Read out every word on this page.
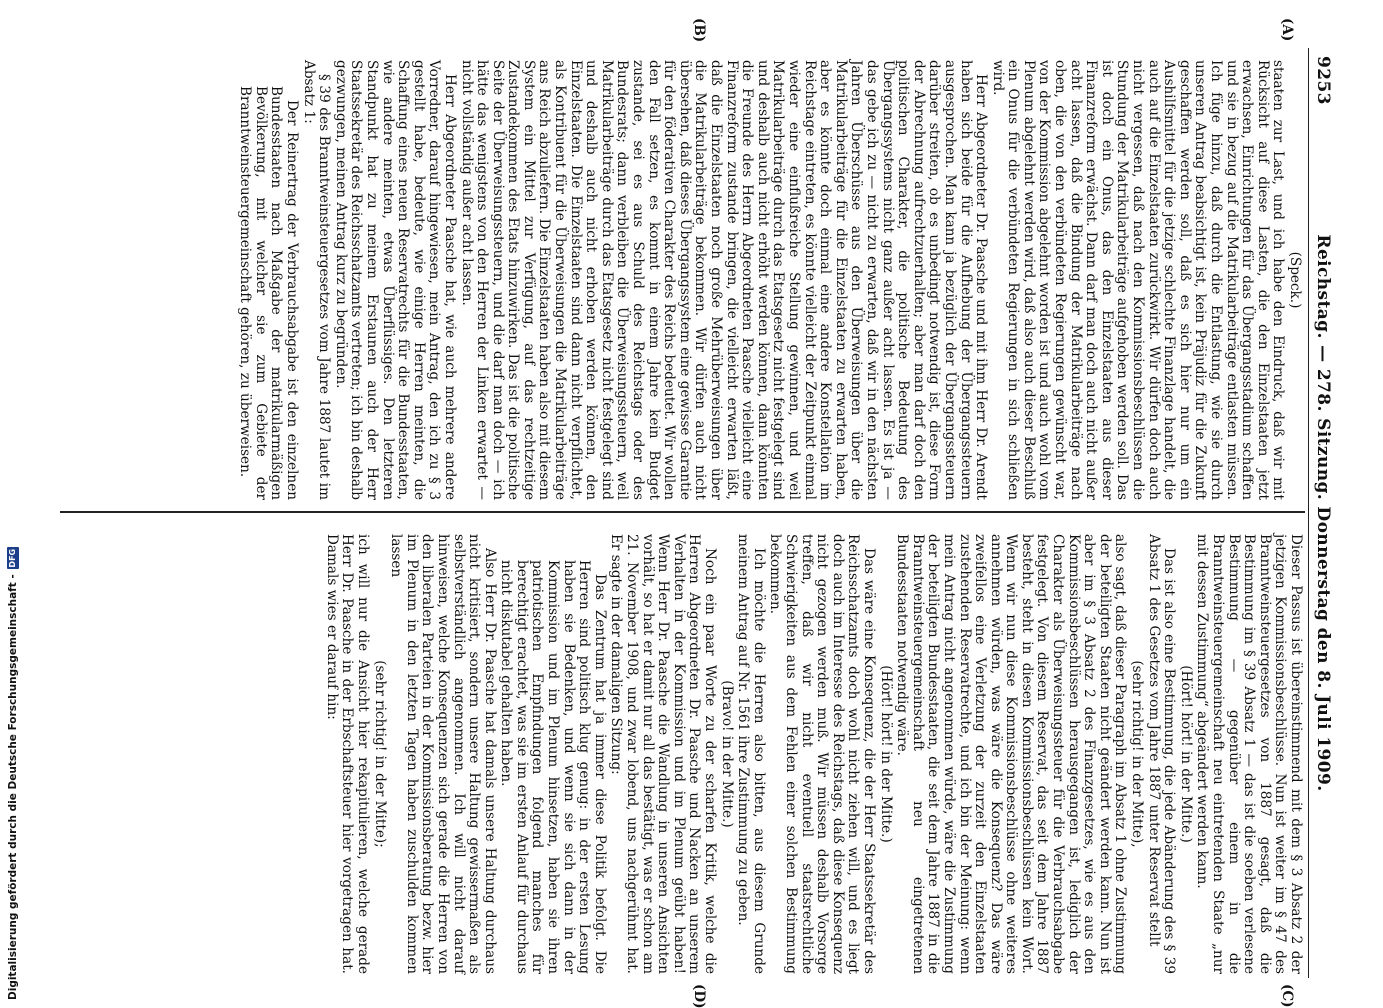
9253
Reichstag. — 278. Sitzung. Donnerstag den 8. Juli 1909.
(A)
(B)
(C)
(D)

(Speck.)

staaten zur Last, und ich habe den Eindruck, daß wir mit Rücksicht auf diese Lasten, die den Einzelstaaten jetzt erwachsen, Einrichtungen für das Übergangsstadium schaffen und sie in bezug auf die Matrikularbeiträge entlasten müssen. Ich füge hinzu, daß durch die Entlastung, wie sie durch unseren Antrag beabsichtigt ist, kein Präjudiz für die Zukunft geschaffen werden soll, daß es sich hier nur um ein Aushilfsmittel für die jetzige schlechte Finanzlage handelt, die auch auf die Einzelstaaten zurückwirkt. Wir dürfen doch auch nicht vergessen, daß nach den Kommissionsbeschlüssen die Stundung der Matrikularbeiträge aufgehoben werden soll. Das ist doch ein Onus, das den Einzelstaaten aus dieser Finanzreform erwächst. Dann darf man doch auch nicht außer acht lassen, daß die Bindung der Matrikularbeiträge nach oben, die von den verbündeten Regierungen gewünscht war, von der Kommission abgelehnt worden ist und auch wohl vom Plenum abgelehnt werden wird, daß also auch dieser Beschluß ein Onus für die verbündeten Regierungen in sich schließen wird.

Herr Abgeordneter Dr. Paasche und mit ihm Herr Dr. Arendt haben sich beide für die Aufhebung der Übergangssteuern ausgesprochen. Man kann ja bezüglich der Übergangssteuern darüber streiten, ob es unbedingt notwendig ist, diese Form der Abrechnung aufrechtzuerhalten; aber man darf doch den politischen Charakter, die politische Bedeutung des Übergangssystems nicht ganz außer acht lassen. Es ist ja — das gebe ich zu — nicht zu erwarten, daß wir in den nächsten Jahren Überschüsse aus den Überweisungen über die Matrikularbeiträge für die Einzelstaaten zu erwarten haben, aber es könnte doch einmal eine andere Konstellation im Reichstage eintreten, es könnte vielleicht der Zeitpunkt einmal wieder eine einflußreiche Stellung gewinnen, und weil Matrikularbeiträge durch das Etatsgesetz nicht festgelegt sind und deshalb auch nicht erhöht werden können, dann könnten die Freunde des Herrn Abgeordneten Paasche vielleicht eine Finanzreform zustande bringen, die vielleicht erwarten läßt, daß die Einzelstaaten noch große Mehrüberweisungen über die Matrikularbeiträge bekommen. Wir dürfen auch nicht übersehen, daß dieses Übergangssystem eine gewisse Garantie für den föderativen Charakter des Reichs bedeutet. Wir wollen den Fall setzen, es kommt in einem Jahre kein Budget zustande, sei es aus Schuld des Reichstags oder des Bundesrats; dann verbleiben die Überweisungssteuern, weil Matrikularbeiträge durch das Etatsgesetz nicht festgelegt sind und deshalb auch nicht erhoben werden können, den Einzelstaaten. Die Einzelstaaten sind dann nicht verpflichtet, als Kontribuent für die Überweisungen die Matrikularbeiträge ans Reich abzuliefern. Die Einzelstaaten haben also mit diesem System ein Mittel zur Verfügung, auf das rechtzeitige Zustandekommen des Etats hinzuwirken. Das ist die politische Seite der Überweisungssteuern, und die darf man doch — ich hätte das wenigstens von den Herren der Linken erwartet — nicht vollständig außer acht lassen.

Herr Abgeordneter Paasche hat, wie auch mehrere andere Vorredner, darauf hingewiesen, mein Antrag, den ich zu § 3 gestellt habe, bedeute, wie einige Herren meinten, die Schaffung eines neuen Reservatrechts für die Bundesstaaten, wie andere meinten, etwas Überflüssiges. Den letzteren Standpunkt hat zu meinem Erstaunen auch der Herr Staatssekretär des Reichsschatzamts vertreten; ich bin deshalb gezwungen, meinen Antrag kurz zu begründen.

§ 39 des Branntweinsteuergesetzes vom Jahre 1887 lautet im Absatz 1:

Der Reinertrag der Verbrauchsabgabe ist den einzelnen Bundesstaaten nach Maßgabe der matrikularmäßigen Bevölkerung, mit welcher sie zum Gebiete der Branntweinsteuergemeinschaft gehören, zu überweisen.

Dieser Passus ist übereinstimmend mit dem § 3 Absatz 2 der jetzigen Kommissionsbeschlüsse. Nun ist weiter im § 47 des Branntweinsteuergesetzes von 1887 gesagt, daß die Bestimmung im § 39 Absatz 1 — das ist die soeben verlesene Bestimmung — gegenüber einem in die Branntweinsteuergemeinschaft neu eintretenden Staate „nur mit dessen Zustimmung“ abgeändert werden kann.

(Hört! hört! in der Mitte.)

Das ist also eine Bestimmung, die jede Abänderung des § 39 Absatz 1 des Gesetzes vom Jahre 1887 unter Reservat stellt

(sehr richtig! in der Mitte),

also sagt, daß dieser Paragraph im Absatz 1 ohne Zustimmung der beteiligten Staaten nicht geändert werden kann. Nun ist aber im § 3 Absatz 2 des Finanzgesetzes, wie es aus den Kommissionsbeschlüssen herausgegangen ist, lediglich der Charakter als Überweisungssteuer für die Verbrauchsabgabe festgelegt. Von diesem Reservat, das seit dem Jahre 1887 besteht, steht in diesen Kommissionsbeschlüssen kein Wort. Wenn wir nun diese Kommissionsbeschlüsse ohne weiteres annehmen würden, was wäre die Konsequenz? Das wäre zweifellos eine Verletzung der zurzeit den Einzelstaaten zustehenden Reservatrechte, und ich bin der Meinung: wenn mein Antrag nicht angenommen würde, wäre die Zustimmung der beteiligten Bundesstaaten, die seit dem Jahre 1887 in die Branntweinsteuergemeinschaft neu eingetretenen Bundesstaaten notwendig wäre.

(Hört! hört! in der Mitte.)

Das wäre eine Konsequenz, die der Herr Staatssekretär des Reichsschatzamts doch wohl nicht ziehen will, und es liegt doch auch im Interesse des Reichstags, daß diese Konsequenz nicht gezogen werden muß. Wir müssen deshalb Vorsorge treffen, daß wir nicht eventuell staatsrechtliche Schwierigkeiten aus dem Fehlen einer solchen Bestimmung bekommen.

Ich möchte die Herren also bitten, aus diesem Grunde meinem Antrag auf Nr. 1561 ihre Zustimmung zu geben.

(Bravo! in der Mitte.)

Noch ein paar Worte zu der scharfen Kritik, welche die Herren Abgeordneten Dr. Paasche und Nacken an unserem Verhalten in der Kommission und im Plenum geübt haben! Wenn Herr Dr. Paasche die Wandlung in unseren Ansichten vorhält, so hat er damit nur all das bestätigt, was er schon am 21. November 1908, und zwar lobend, uns nachgerühmt hat. Er sagte in der damaligen Sitzung:

Das Zentrum hat ja immer diese Politik befolgt. Die Herren sind politisch klug genug: in der ersten Lesung haben sie Bedenken, und wenn sie sich dann in der Kommission und im Plenum hinsetzen, haben sie ihren patriotischen Empfindungen folgend manches für berechtigt erachtet, was sie im ersten Anlauf für durchaus nicht diskutabel gehalten haben.

Also Herr Dr. Paasche hat damals unsere Haltung durchaus nicht kritisiert, sondern unsere Haltung gewissermaßen als selbstverständlich angenommen. Ich will nicht darauf hinweisen, welche Konsequenzen sich gerade die Herren von den liberalen Parteien in der Kommissionsberatung bezw. hier im Plenum in den letzten Tagen haben zuschulden kommen lassen

(sehr richtig! in der Mitte);

ich will nur die Ansicht hier rekapitulieren, welche gerade Herr Dr. Paasche in der Erbschaftsteuer hier vorgetragen hat. Damals wies er darauf hin:

Digitalisierung gefördert durch die Deutsche Forschungsgemeinschaft -
DFG
